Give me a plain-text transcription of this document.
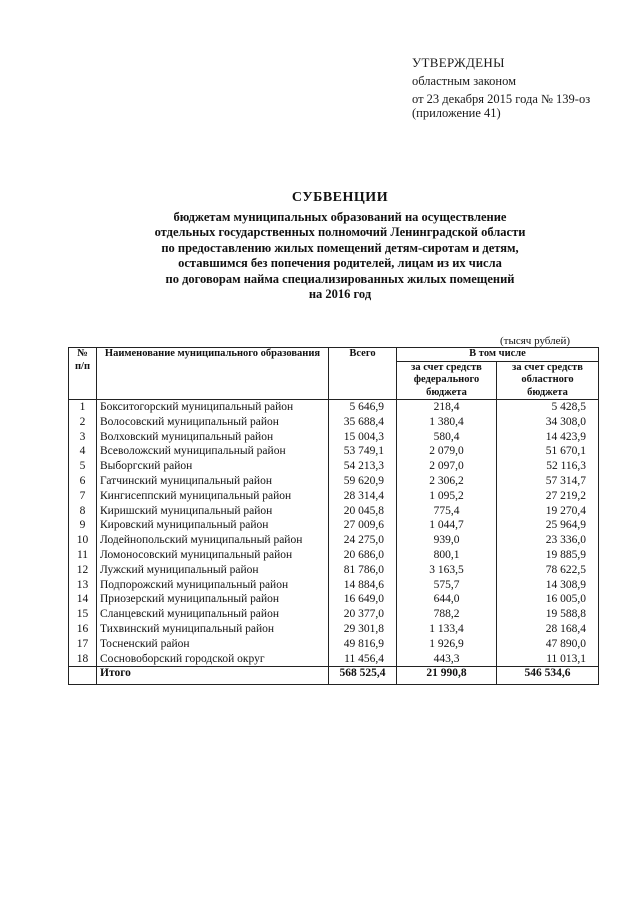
УТВЕРЖДЕНЫ
областным законом
от 23 декабря 2015 года № 139-оз
(приложение 41)
СУБВЕНЦИИ
бюджетам муниципальных образований на осуществление
отдельных государственных полномочий Ленинградской области
по предоставлению жилых помещений детям-сиротам и детям,
оставшимся без попечения родителей, лицам из их числа
по договорам найма специализированных жилых помещений
на 2016 год
(тысяч рублей)
№ п/п	Наименование муниципального образования	Всего	В том числе	
			за счет средств федерального бюджета	за счет средств областного бюджета
1	Бокситогорский муниципальный район	5 646,9	218,4	5 428,5
2	Волосовский муниципальный район	35 688,4	1 380,4	34 308,0
3	Волховский муниципальный район	15 004,3	580,4	14 423,9
4	Всеволожский муниципальный район	53 749,1	2 079,0	51 670,1
5	Выборгский район	54 213,3	2 097,0	52 116,3
6	Гатчинский муниципальный район	59 620,9	2 306,2	57 314,7
7	Кингисеппский муниципальный район	28 314,4	1 095,2	27 219,2
8	Киришский муниципальный район	20 045,8	775,4	19 270,4
9	Кировский муниципальный район	27 009,6	1 044,7	25 964,9
10	Лодейнопольский муниципальный район	24 275,0	939,0	23 336,0
11	Ломоносовский муниципальный район	20 686,0	800,1	19 885,9
12	Лужский муниципальный район	81 786,0	3 163,5	78 622,5
13	Подпорожский муниципальный район	14 884,6	575,7	14 308,9
14	Приозерский муниципальный район	16 649,0	644,0	16 005,0
15	Сланцевский муниципальный район	20 377,0	788,2	19 588,8
16	Тихвинский муниципальный район	29 301,8	1 133,4	28 168,4
17	Тосненский район	49 816,9	1 926,9	47 890,0
18	Сосновоборский городской округ	11 456,4	443,3	11 013,1
	Итого	568 525,4	21 990,8	546 534,6
